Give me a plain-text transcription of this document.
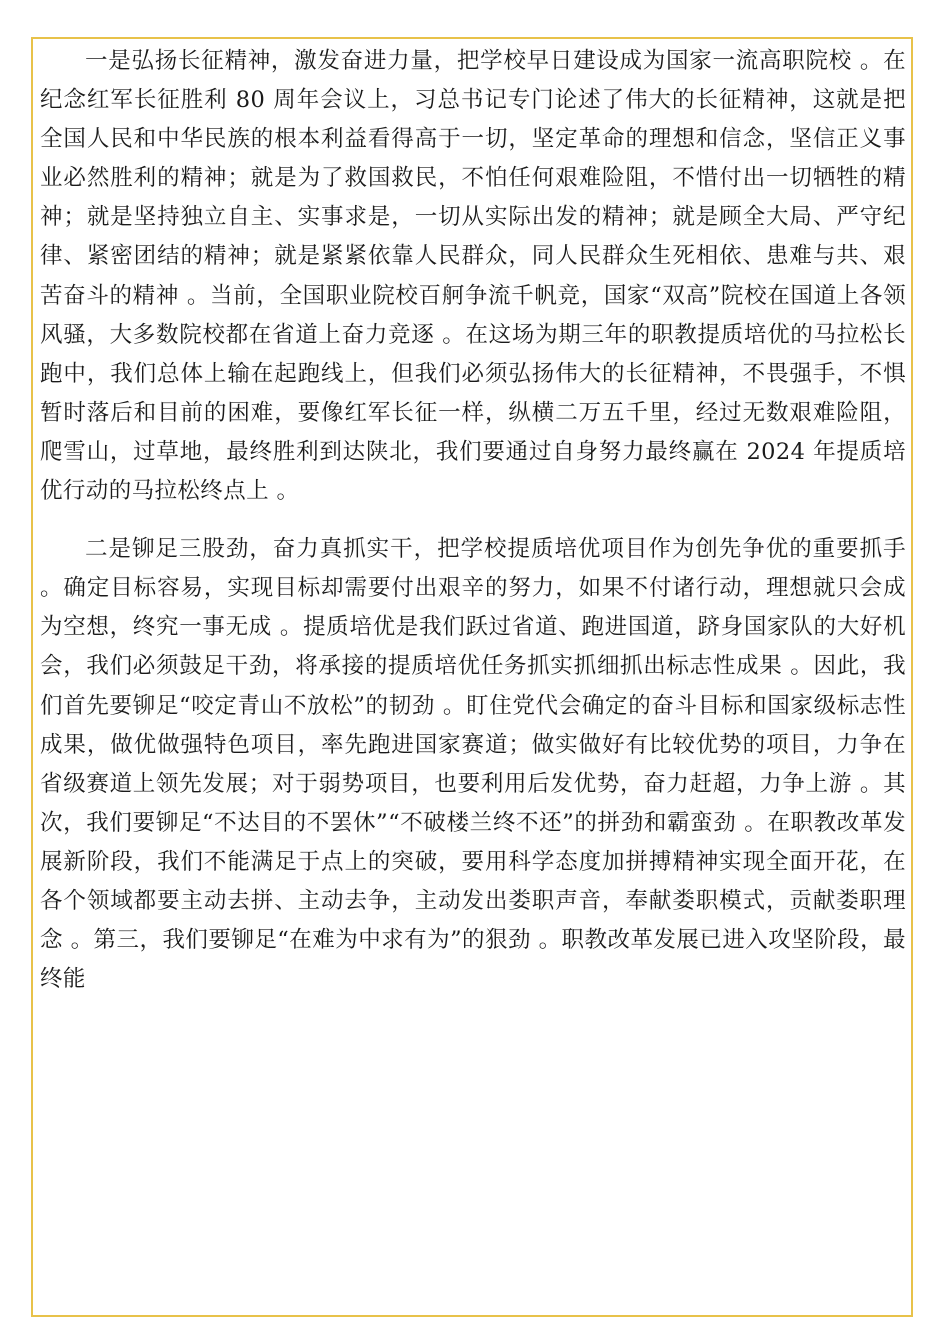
一是弘扬长征精神，激发奋进力量，把学校早日建设成为国家一流高职院校 。在纪念红军长征胜利 80 周年会议上，习总书记专门论述了伟大的长征精神，这就是把全国人民和中华民族的根本利益看得高于一切，坚定革命的理想和信念，坚信正义事业必然胜利的精神；就是为了救国救民，不怕任何艰难险阻，不惜付出一切牺牲的精神；就是坚持独立自主、实事求是，一切从实际出发的精神；就是顾全大局、严守纪律、紧密团结的精神；就是紧紧依靠人民群众，同人民群众生死相依、患难与共、艰苦奋斗的精神 。当前，全国职业院校百舸争流千帆竞，国家“双高”院校在国道上各领风骚，大多数院校都在省道上奋力竞逐 。在这场为期三年的职教提质培优的马拉松长跑中，我们总体上输在起跑线上，但我们必须弘扬伟大的长征精神，不畏强手，不惧暂时落后和目前的困难，要像红军长征一样，纵横二万五千里，经过无数艰难险阻，爬雪山，过草地，最终胜利到达陕北，我们要通过自身努力最终赢在 2024 年提质培优行动的马拉松终点上 。

二是铆足三股劲，奋力真抓实干，把学校提质培优项目作为创先争优的重要抓手 。确定目标容易，实现目标却需要付出艰辛的努力，如果不付诸行动，理想就只会成为空想，终究一事无成 。提质培优是我们跃过省道、跑进国道，跻身国家队的大好机会，我们必须鼓足干劲，将承接的提质培优任务抓实抓细抓出标志性成果 。因此，我们首先要铆足“咬定青山不放松”的韧劲 。盯住党代会确定的奋斗目标和国家级标志性成果，做优做强特色项目，率先跑进国家赛道；做实做好有比较优势的项目，力争在省级赛道上领先发展；对于弱势项目，也要利用后发优势，奋力赶超，力争上游 。其次，我们要铆足“不达目的不罢休”“不破楼兰终不还”的拼劲和霸蛮劲 。在职教改革发展新阶段，我们不能满足于点上的突破，要用科学态度加拼搏精神实现全面开花，在各个领域都要主动去拼、主动去争，主动发出娄职声音，奉献娄职模式，贡献娄职理念 。第三，我们要铆足“在难为中求有为”的狠劲 。职教改革发展已进入攻坚阶段，最终能
